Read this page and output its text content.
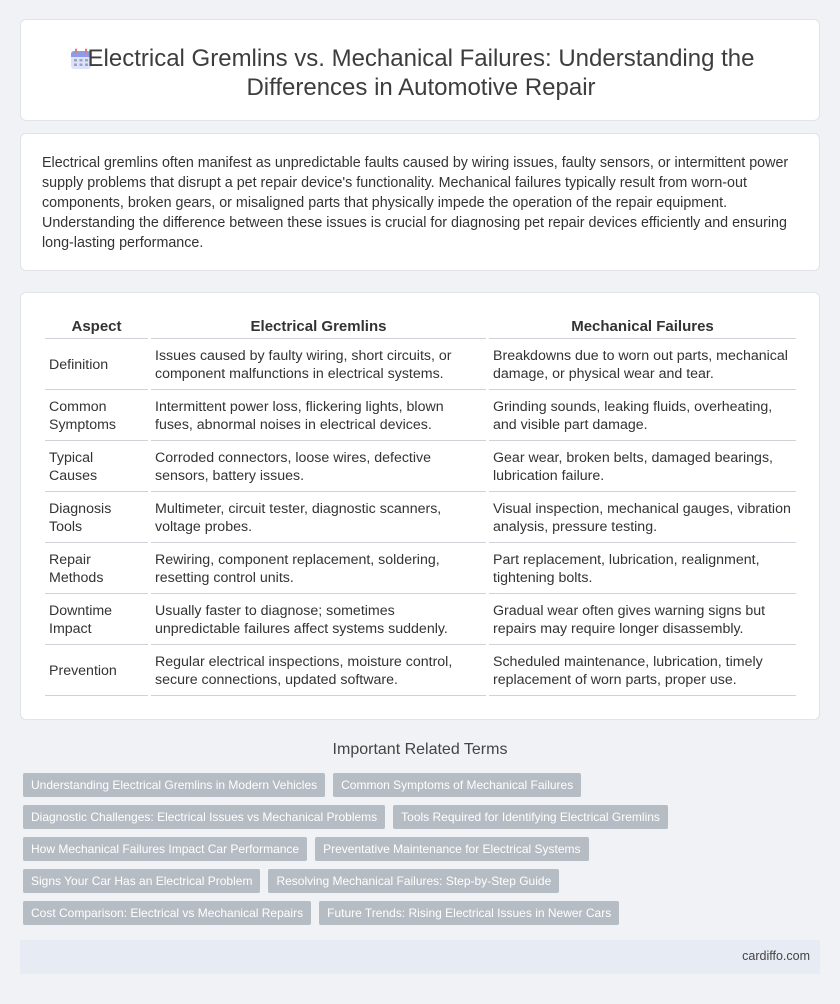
Electrical Gremlins vs. Mechanical Failures: Understanding the Differences in Automotive Repair

Electrical gremlins often manifest as unpredictable faults caused by wiring issues, faulty sensors, or intermittent power supply problems that disrupt a pet repair device's functionality. Mechanical failures typically result from worn-out components, broken gears, or misaligned parts that physically impede the operation of the repair equipment. Understanding the difference between these issues is crucial for diagnosing pet repair devices efficiently and ensuring long-lasting performance.

Aspect	Electrical Gremlins	Mechanical Failures
Definition	Issues caused by faulty wiring, short circuits, or component malfunctions in electrical systems.	Breakdowns due to worn out parts, mechanical damage, or physical wear and tear.
Common Symptoms	Intermittent power loss, flickering lights, blown fuses, abnormal noises in electrical devices.	Grinding sounds, leaking fluids, overheating, and visible part damage.
Typical Causes	Corroded connectors, loose wires, defective sensors, battery issues.	Gear wear, broken belts, damaged bearings, lubrication failure.
Diagnosis Tools	Multimeter, circuit tester, diagnostic scanners, voltage probes.	Visual inspection, mechanical gauges, vibration analysis, pressure testing.
Repair Methods	Rewiring, component replacement, soldering, resetting control units.	Part replacement, lubrication, realignment, tightening bolts.
Downtime Impact	Usually faster to diagnose; sometimes unpredictable failures affect systems suddenly.	Gradual wear often gives warning signs but repairs may require longer disassembly.
Prevention	Regular electrical inspections, moisture control, secure connections, updated software.	Scheduled maintenance, lubrication, timely replacement of worn parts, proper use.
Important Related Terms
Understanding Electrical Gremlins in Modern Vehicles	Common Symptoms of Mechanical Failures
Diagnostic Challenges: Electrical Issues vs Mechanical Problems	Tools Required for Identifying Electrical Gremlins
How Mechanical Failures Impact Car Performance	Preventative Maintenance for Electrical Systems
Signs Your Car Has an Electrical Problem	Resolving Mechanical Failures: Step-by-Step Guide
Cost Comparison: Electrical vs Mechanical Repairs	Future Trends: Rising Electrical Issues in Newer Cars
cardiffo.com
